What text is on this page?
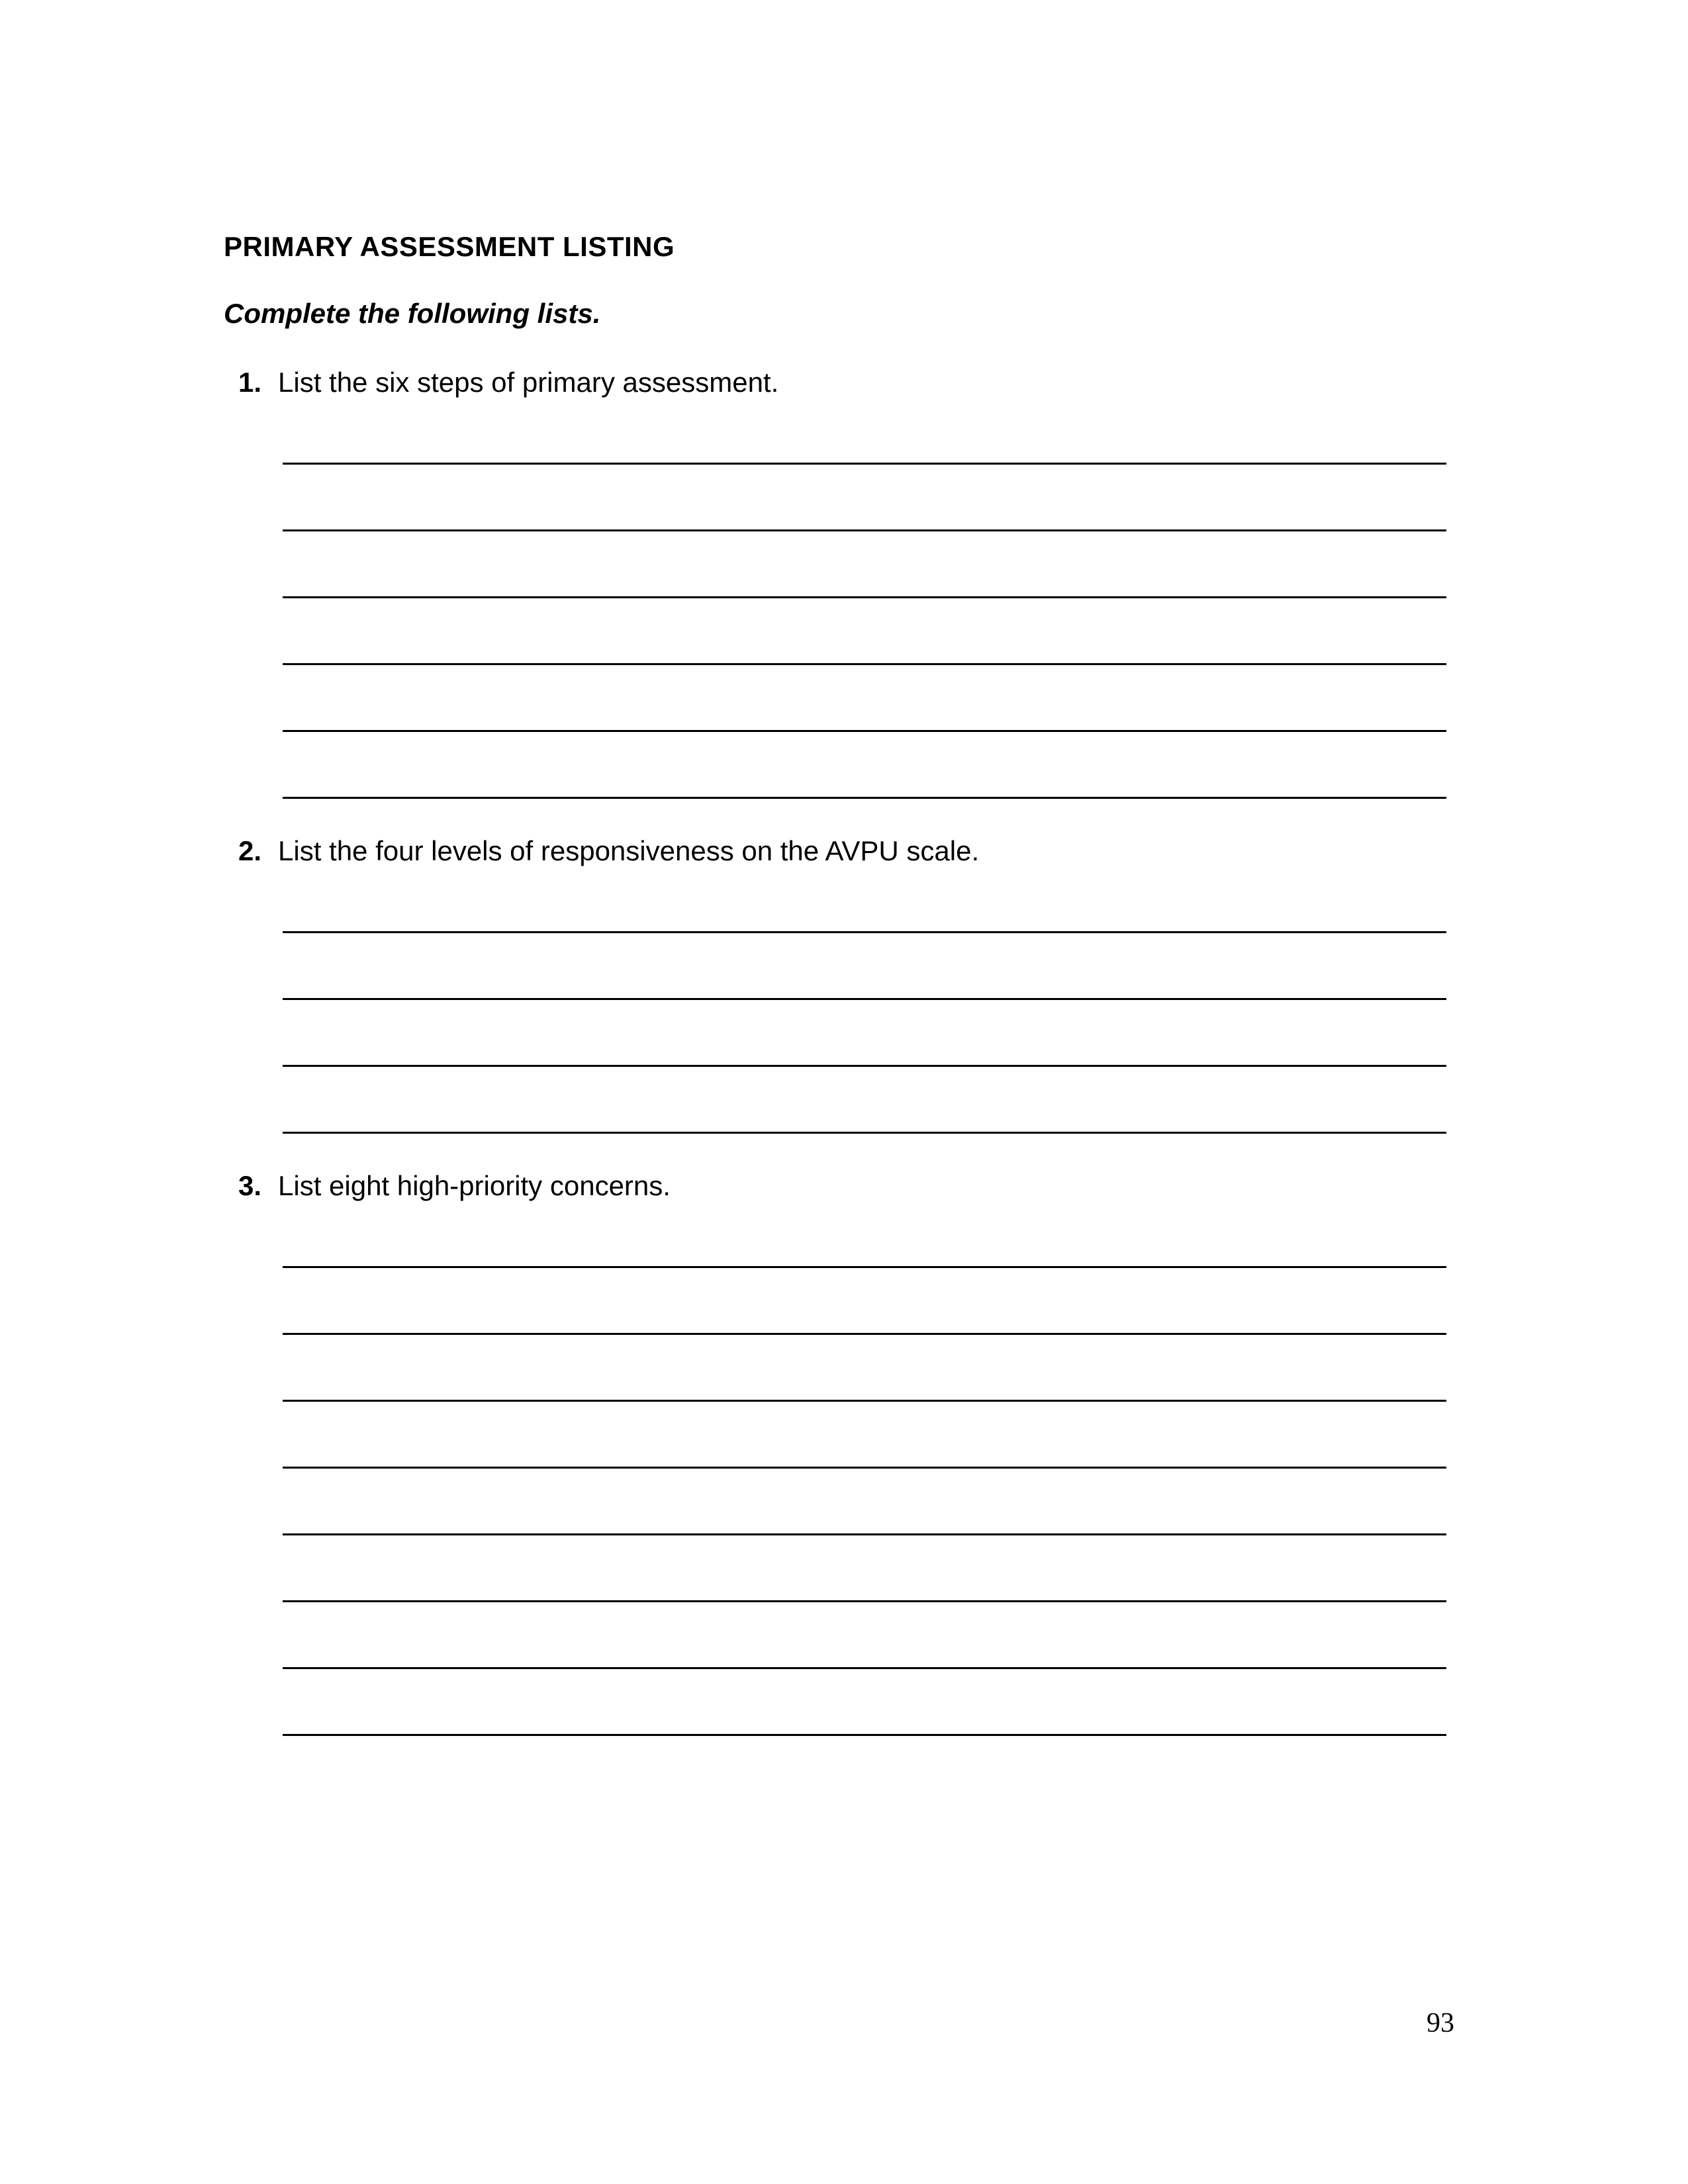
PRIMARY ASSESSMENT LISTING
Complete the following lists.
1. List the six steps of primary assessment.
2. List the four levels of responsiveness on the AVPU scale.
3. List eight high-priority concerns.
93
